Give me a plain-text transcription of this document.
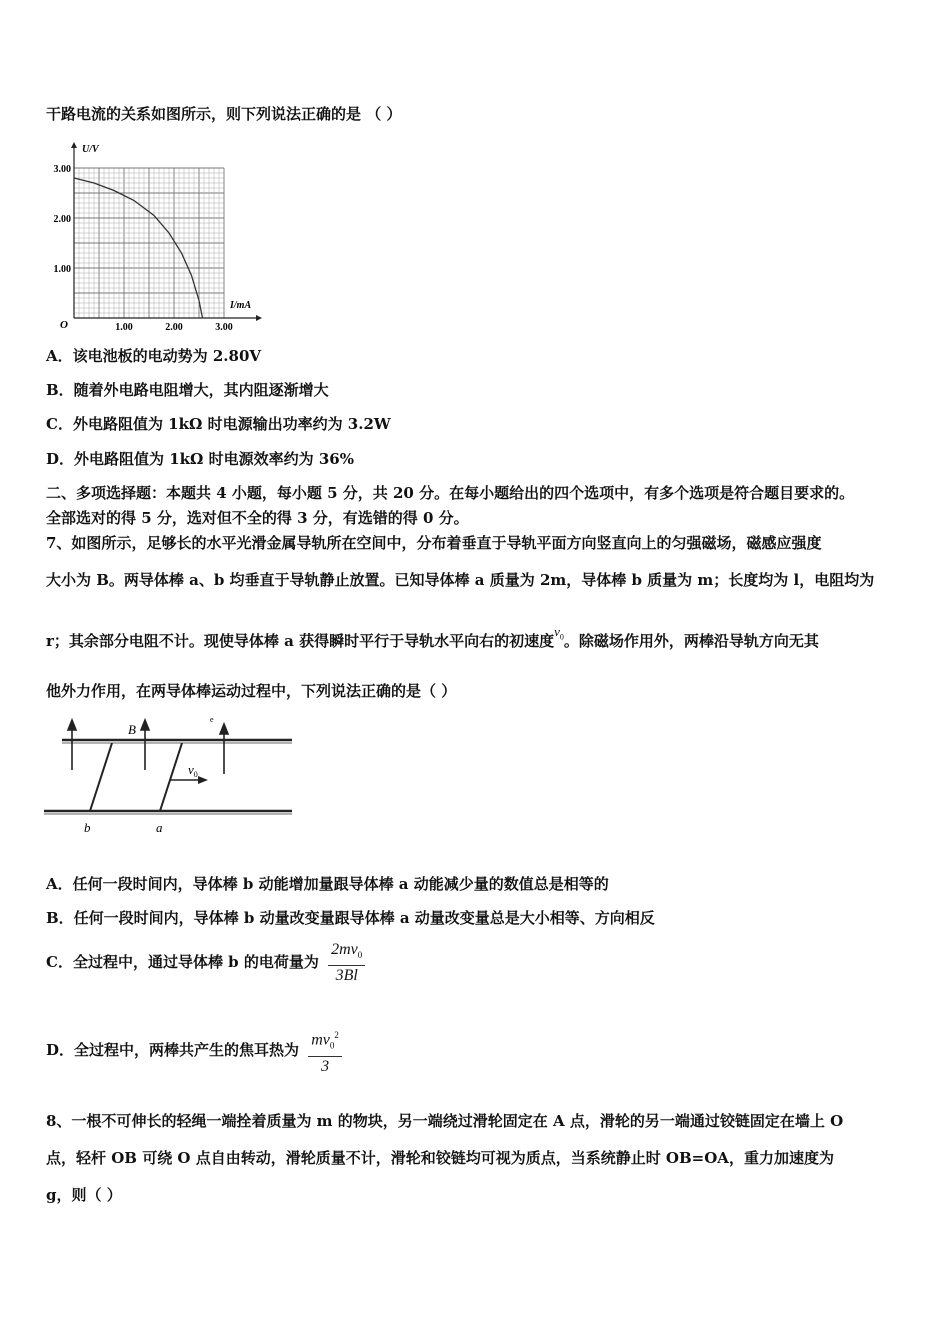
干路电流的关系如图所示，则下列说法正确的是 （ ）
1.00	2.00	3.00
3.00
2.00
1.00
U/V
I/mA
O
A．该电池板的电动势为 2.80V
B．随着外电路电阻增大，其内阻逐渐增大
C．外电路阻值为 1kΩ 时电源输出功率约为 3.2W
D．外电路阻值为 1kΩ 时电源效率约为 36%
二、多项选择题：本题共 4 小题，每小题 5 分，共 20 分。在每小题给出的四个选项中，有多个选项是符合题目要求的。
全部选对的得 5 分，选对但不全的得 3 分，有选错的得 0 分。
7、如图所示，足够长的水平光滑金属导轨所在空间中，分布着垂直于导轨平面方向竖直向上的匀强磁场，磁感应强度
大小为 B。两导体棒 a、b 均垂直于导轨静止放置。已知导体棒 a 质量为 2m，导体棒 b 质量为 m；长度均为 l，电阻均为
r；其余部分电阻不计。现使导体棒 a 获得瞬时平行于导轨水平向右的初速度$v_0$。除磁场作用外，两棒沿导轨方向无其
他外力作用，在两导体棒运动过程中，下列说法正确的是（ ）
B
e
$v_0$
b	a
A．任何一段时间内，导体棒 b 动能增加量跟导体棒 a 动能减少量的数值总是相等的
B．任何一段时间内，导体棒 b 动量改变量跟导体棒 a 动量改变量总是大小相等、方向相反
C．全过程中，通过导体棒 b 的电荷量为 $\frac{2mv_0}{3Bl}$
D．全过程中，两棒共产生的焦耳热为 $\frac{mv_0^2}{3}$
8、一根不可伸长的轻绳一端拴着质量为 m 的物块，另一端绕过滑轮固定在 A 点，滑轮的另一端通过铰链固定在墙上 O
点，轻杆 OB 可绕 O 点自由转动，滑轮质量不计，滑轮和铰链均可视为质点，当系统静止时 OB=OA，重力加速度为
g，则（ ）
